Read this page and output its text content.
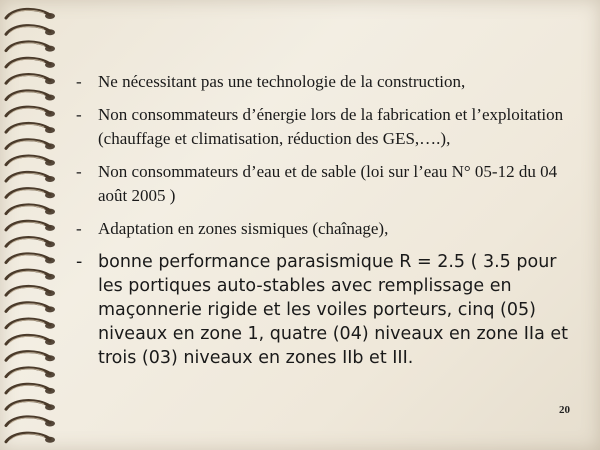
- Ne nécessitant pas une technologie de la construction,
- Non consommateurs d’énergie lors de la fabrication et l’exploitation (chauffage et climatisation, réduction des GES,….),
- Non consommateurs d’eau et de sable (loi sur l’eau N° 05-12 du 04 août 2005 )
- Adaptation en zones sismiques (chaînage),
- bonne performance parasismique R = 2.5 ( 3.5 pour les portiques auto-stables avec remplissage en maçonnerie rigide et les voiles porteurs, cinq (05) niveaux en zone 1, quatre (04) niveaux en zone IIa et trois (03) niveaux en zones IIb et III.
20
